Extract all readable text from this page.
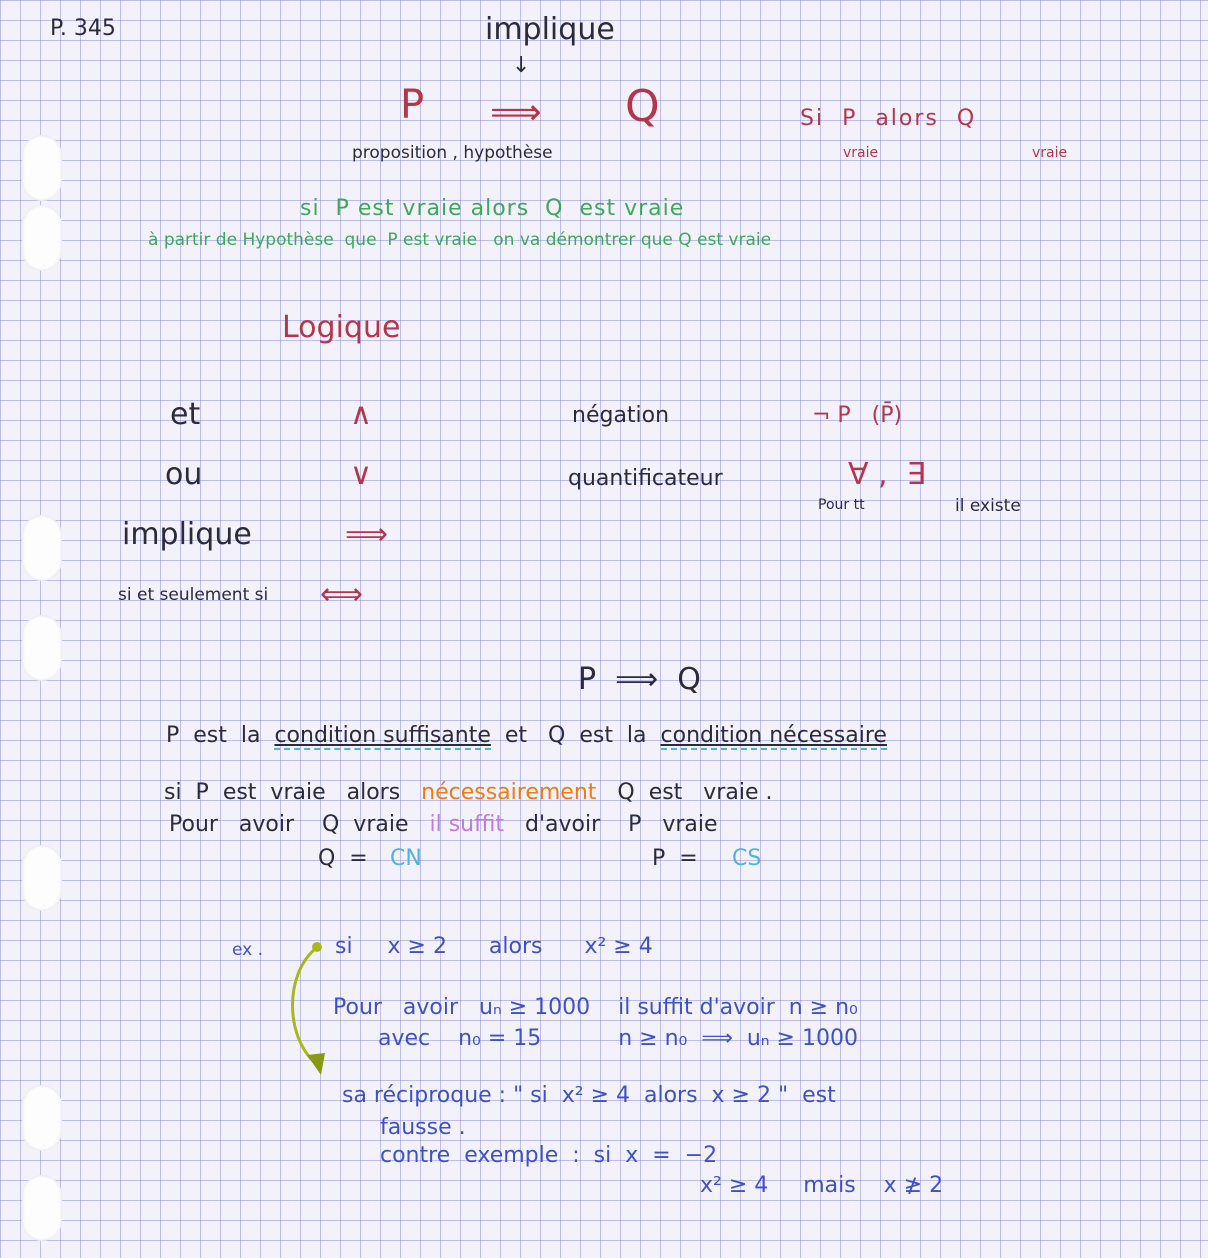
P. 345	implique
↓
P ⟹ Q
proposition , hypothèse
Si  P  alors  Q
vraie	vraie
si  P est vraie alors  Q  est vraie
à partir de Hypothèse  que  P est vraie   on va démontrer que Q est vraie
Logique
et	∧
ou	∨
implique	⟹
si et seulement si ⟺
négation	¬ P   (P̄)
quantificateur	∀ ,  ∃
Pour tt	il existe
P  ⟹  Q

P  est  la  condition suffisante  et   Q  est  la  condition nécessaire

si  P  est  vraie   alors   nécessairement   Q  est   vraie .

Pour   avoir    Q  vraie   il suffit   d'avoir    P   vraie

Q  = CN	P  = CS
ex .	si     x ≥ 2      alors      x² ≥ 4
Pour   avoir   uₙ ≥ 1000    il suffit d'avoir  n ≥ n₀
avec    n₀ = 15           n ≥ n₀  ⟹  uₙ ≥ 1000
sa réciproque : " si  x² ≥ 4  alors  x ≥ 2 "  est
fausse .
contre  exemple  :  si  x  =  −2
x² ≥ 4     mais    x ≱ 2
